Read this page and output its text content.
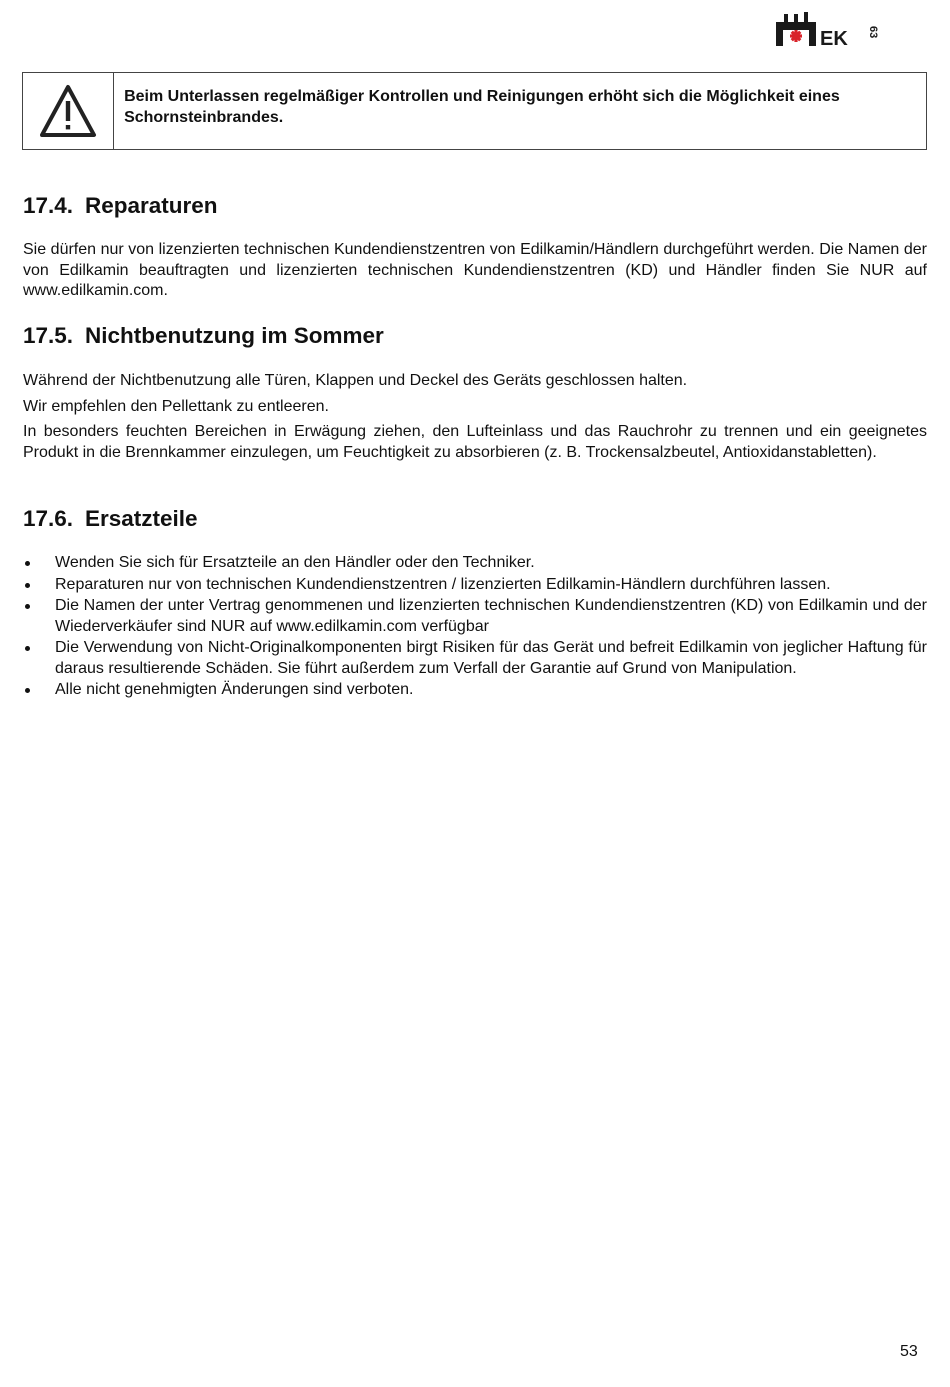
EK 63
Beim Unterlassen regelmäßiger Kontrollen und Reinigungen erhöht sich die Möglichkeit eines Schornsteinbrandes.
17.4. Reparaturen

Sie dürfen nur von lizenzierten technischen Kundendienstzentren von Edilkamin/Händlern durchgeführt werden. Die Namen der von Edilkamin beauftragten und lizenzierten technischen Kundendienstzentren (KD) und Händler finden Sie NUR auf www.edilkamin.com.

17.5. Nichtbenutzung im Sommer

Während der Nichtbenutzung alle Türen, Klappen und Deckel des Geräts geschlossen halten.

Wir empfehlen den Pellettank zu entleeren.

In besonders feuchten Bereichen in Erwägung ziehen, den Lufteinlass und das Rauchrohr zu trennen und ein geeignetes Produkt in die Brennkammer einzulegen, um Feuchtigkeit zu absorbieren (z. B. Trockensalzbeutel, Antioxidanstabletten).

17.6. Ersatzteile
Wenden Sie sich für Ersatzteile an den Händler oder den Techniker.
Reparaturen nur von technischen Kundendienstzentren / lizenzierten Edilkamin-Händlern durchführen lassen.
Die Namen der unter Vertrag genommenen und lizenzierten technischen Kundendienstzentren (KD) von Edilkamin und der Wiederverkäufer sind NUR auf www.edilkamin.com verfügbar
Die Verwendung von Nicht-Originalkomponenten birgt Risiken für das Gerät und befreit Edilkamin von jeglicher Haftung für daraus resultierende Schäden. Sie führt außerdem zum Verfall der Garantie auf Grund von Manipulation.
Alle nicht genehmigten Änderungen sind verboten.
53
